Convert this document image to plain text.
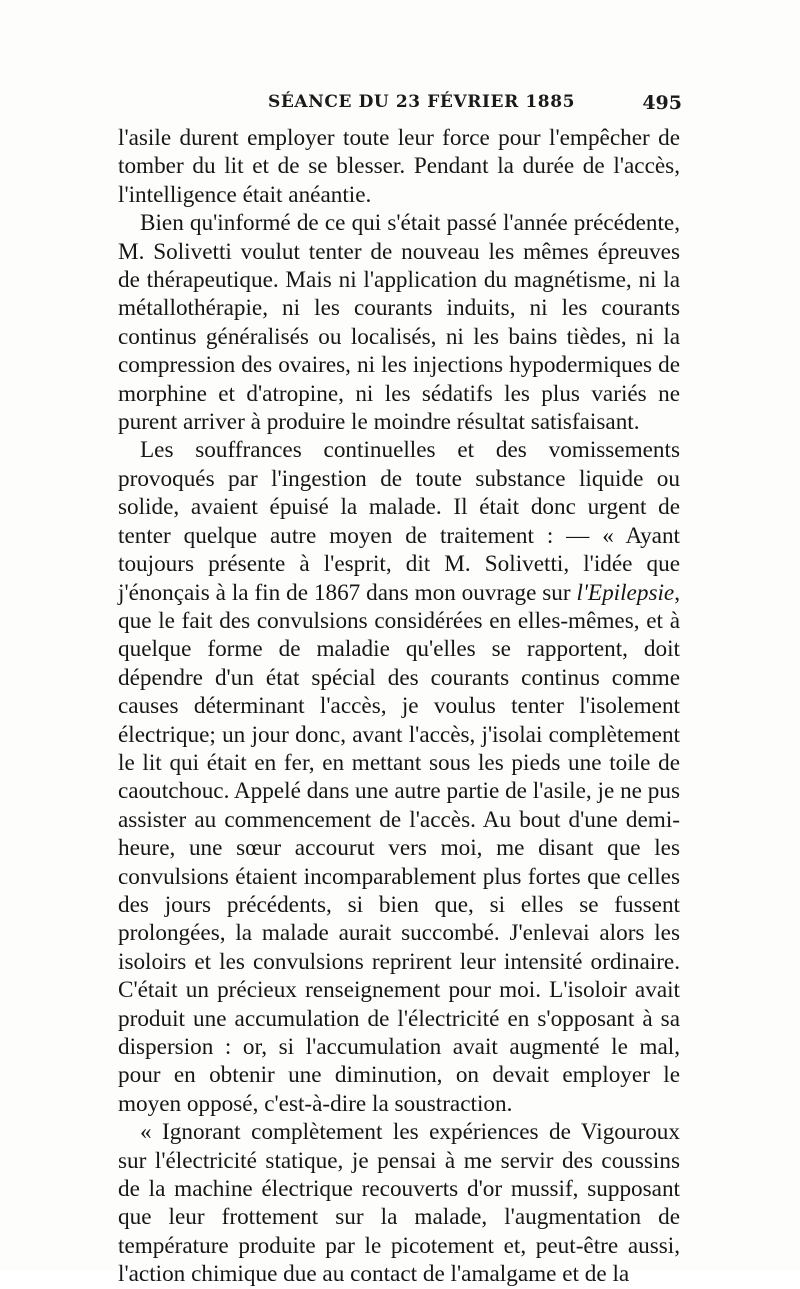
SÉANCE DU 23 FÉVRIER 1885	495

l'asile durent employer toute leur force pour l'empêcher de tomber du lit et de se blesser. Pendant la durée de l'accès, l'intelligence était anéantie.

Bien qu'informé de ce qui s'était passé l'année précédente, M. Solivetti voulut tenter de nouveau les mêmes épreuves de thérapeutique. Mais ni l'application du magnétisme, ni la métallothérapie, ni les courants induits, ni les courants continus généralisés ou localisés, ni les bains tièdes, ni la compression des ovaires, ni les injections hypodermiques de morphine et d'atropine, ni les sédatifs les plus variés ne purent arriver à produire le moindre résultat satisfaisant.

Les souffrances continuelles et des vomissements provoqués par l'ingestion de toute substance liquide ou solide, avaient épuisé la malade. Il était donc urgent de tenter quelque autre moyen de traitement : — « Ayant toujours présente à l'esprit, dit M. Solivetti, l'idée que j'énonçais à la fin de 1867 dans mon ouvrage sur l'Epilepsie, que le fait des convulsions considérées en elles-mêmes, et à quelque forme de maladie qu'elles se rapportent, doit dépendre d'un état spécial des courants continus comme causes déterminant l'accès, je voulus tenter l'isolement électrique; un jour donc, avant l'accès, j'isolai complètement le lit qui était en fer, en mettant sous les pieds une toile de caoutchouc. Appelé dans une autre partie de l'asile, je ne pus assister au commencement de l'accès. Au bout d'une demi-heure, une sœur accourut vers moi, me disant que les convulsions étaient incomparablement plus fortes que celles des jours précédents, si bien que, si elles se fussent prolongées, la malade aurait succombé. J'enlevai alors les isoloirs et les convulsions reprirent leur intensité ordinaire. C'était un précieux renseignement pour moi. L'isoloir avait produit une accumulation de l'électricité en s'opposant à sa dispersion : or, si l'accumulation avait augmenté le mal, pour en obtenir une diminution, on devait employer le moyen opposé, c'est-à-dire la soustraction.

« Ignorant complètement les expériences de Vigouroux sur l'électricité statique, je pensai à me servir des coussins de la machine électrique recouverts d'or mussif, supposant que leur frottement sur la malade, l'augmentation de température produite par le picotement et, peut-être aussi, l'action chimique due au contact de l'amalgame et de la
